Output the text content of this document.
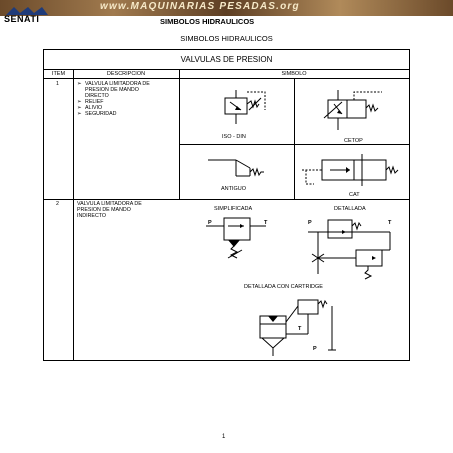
www.MAQUINARIAS PESADAS.org
SENATI	SIMBOLOS HIDRAULICOS
SIMBOLOS HIDRAULICOS
VALVULAS DE PRESION
ITEM	DESCRIPCION	SIMBOLO
1	➢ VALVULA LIMITADORA DE
PRESION DE MANDO
DIRECTO
➢ RELIEF
➢ ALIVIO
➢ SEGURIDAD
ISO - DIN
CETOP
ANTIGUO
CAT
2	VALVULA LIMITADORA DE
PRESION DE MANDO
INDIRECTO
SIMPLIFICADA
P	T
DETALLADA
P	T
DETALLADA CON CARTRIDGE
P
T
1
